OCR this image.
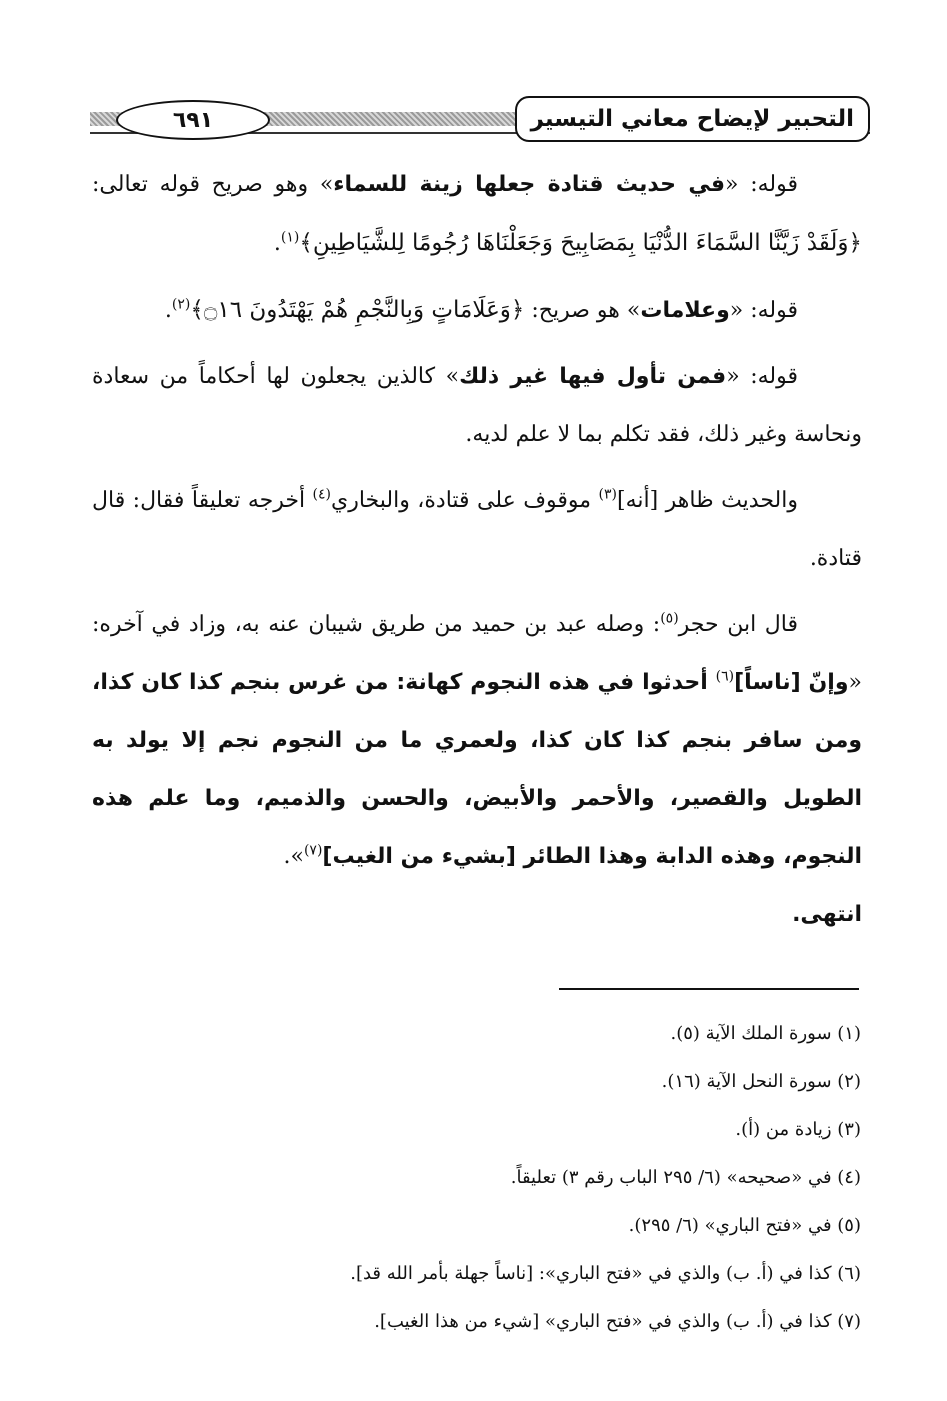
٦٩١	التحبير لإيضاح معاني التيسير

قوله: «في حديث قتادة جعلها زينة للسماء» وهو صريح قوله تعالى: ﴿وَلَقَدْ زَيَّنَّا السَّمَاءَ الدُّنْيَا بِمَصَابِيحَ وَجَعَلْنَاهَا رُجُومًا لِلشَّيَاطِينِ﴾$^{(١)}$.

قوله: «وعلامات» هو صريح: ﴿وَعَلَامَاتٍ وَبِالنَّجْمِ هُمْ يَهْتَدُونَ ۝١٦﴾$^{(٢)}$.

قوله: «فمن تأول فيها غير ذلك» كالذين يجعلون لها أحكاماً من سعادة ونحاسة وغير ذلك، فقد تكلم بما لا علم لديه.

والحديث ظاهر [أنه]$^{(٣)}$ موقوف على قتادة، والبخاري$^{(٤)}$ أخرجه تعليقاً فقال: قال قتادة.

قال ابن حجر$^{(٥)}$: وصله عبد بن حميد من طريق شيبان عنه به، وزاد في آخره: «وإنّ [ناساً]$^{(٦)}$ أحدثوا في هذه النجوم كهانة: من غرس بنجم كذا كان كذا، ومن سافر بنجم كذا كان كذا، ولعمري ما من النجوم نجم إلا يولد به الطويل والقصير، والأحمر والأبيض، والحسن والذميم، وما علم هذه النجوم، وهذه الدابة وهذا الطائر [بشيء من الغيب]$^{(٧)}$».
انتهى.

(١) سورة الملك الآية (٥).
(٢) سورة النحل الآية (١٦).
(٣) زيادة من (أ).
(٤) في «صحيحه» (٦/ ٢٩٥ الباب رقم ٣) تعليقاً.
(٥) في «فتح الباري» (٦/ ٢٩٥).
(٦) كذا في (أ. ب) والذي في «فتح الباري»: [ناساً جهلة بأمر الله قد].
(٧) كذا في (أ. ب) والذي في «فتح الباري» [شيء من هذا الغيب].
